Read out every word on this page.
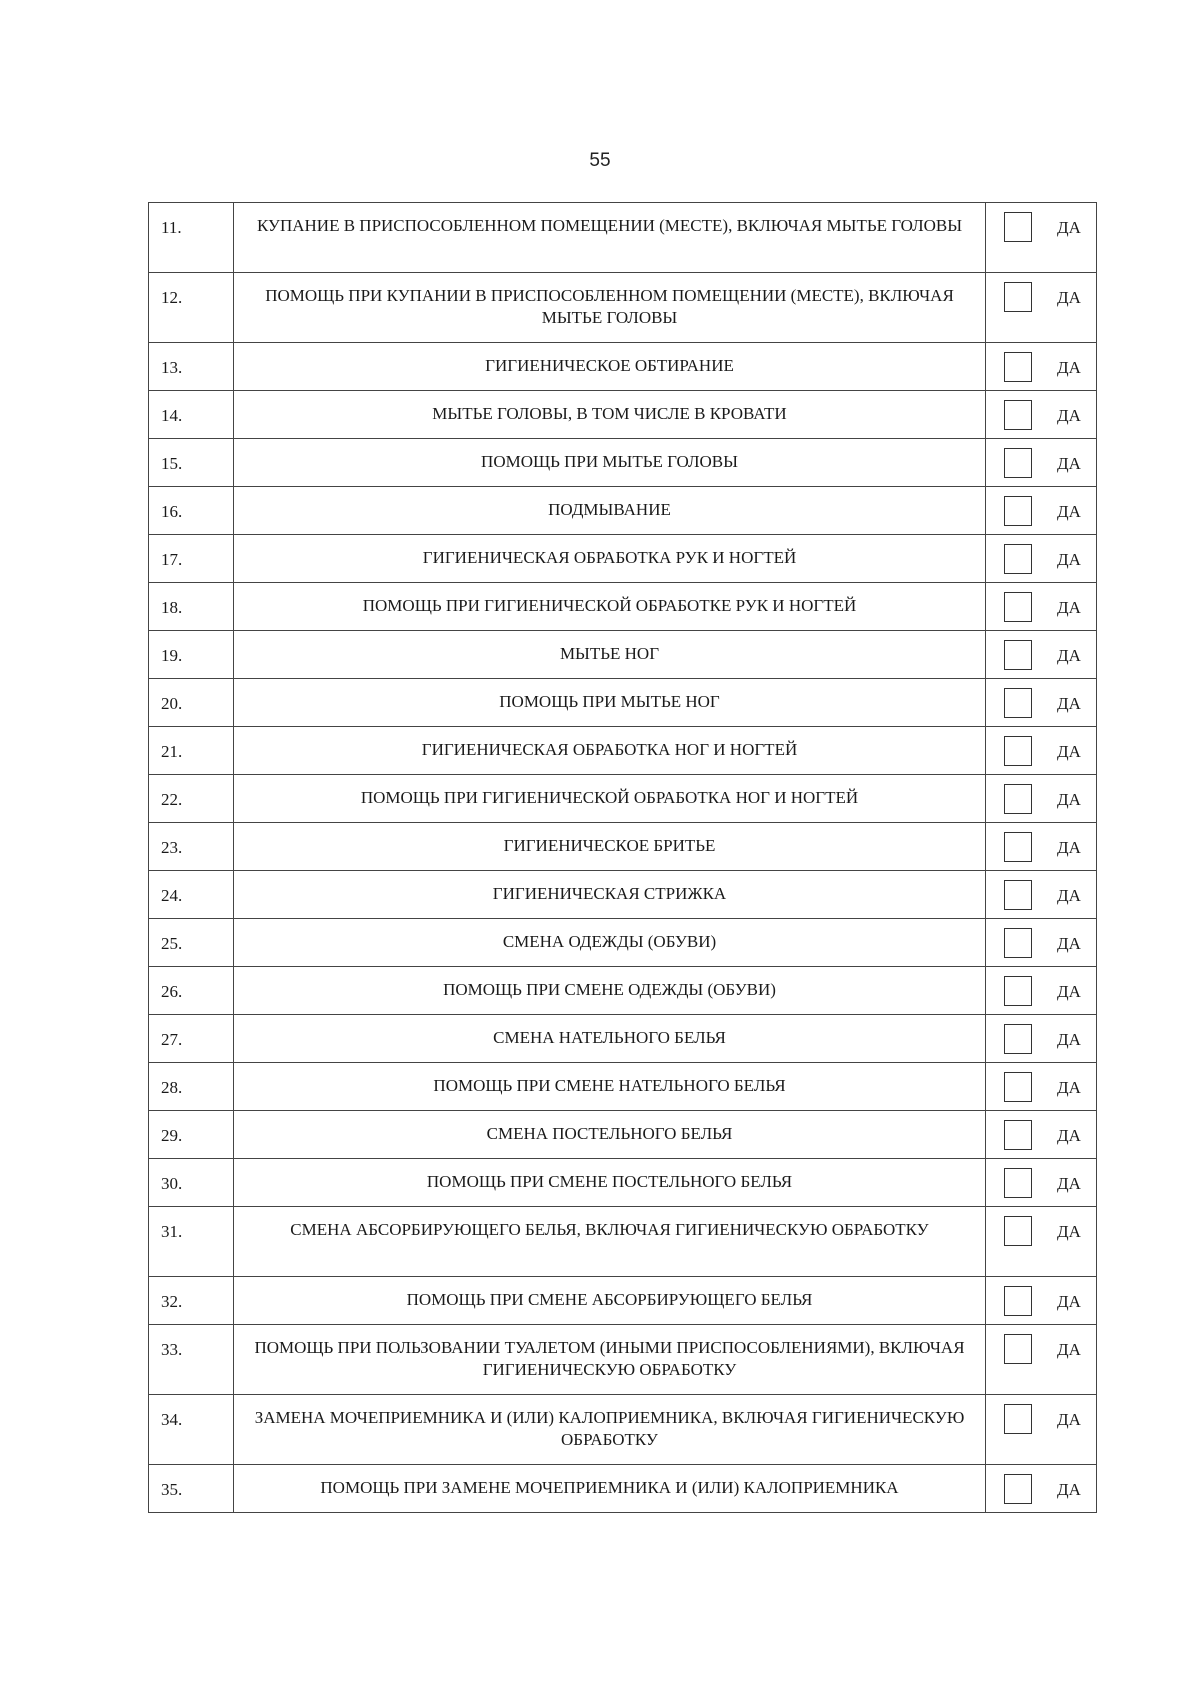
55
11.	КУПАНИЕ В ПРИСПОСОБЛЕННОМ ПОМЕЩЕНИИ (МЕСТЕ), ВКЛЮЧАЯ МЫТЬЕ ГОЛОВЫ	ДА

12.	ПОМОЩЬ ПРИ КУПАНИИ В ПРИСПОСОБЛЕННОМ ПОМЕЩЕНИИ (МЕСТЕ), ВКЛЮЧАЯ МЫТЬЕ ГОЛОВЫ	ДА

13.	ГИГИЕНИЧЕСКОЕ ОБТИРАНИЕ	ДА

14.	МЫТЬЕ ГОЛОВЫ, В ТОМ ЧИСЛЕ В КРОВАТИ	ДА

15.	ПОМОЩЬ ПРИ МЫТЬЕ ГОЛОВЫ	ДА

16.	ПОДМЫВАНИЕ	ДА

17.	ГИГИЕНИЧЕСКАЯ ОБРАБОТКА РУК И НОГТЕЙ	ДА

18.	ПОМОЩЬ ПРИ ГИГИЕНИЧЕСКОЙ ОБРАБОТКЕ РУК И НОГТЕЙ	ДА

19.	МЫТЬЕ НОГ	ДА

20.	ПОМОЩЬ ПРИ МЫТЬЕ НОГ	ДА

21.	ГИГИЕНИЧЕСКАЯ ОБРАБОТКА НОГ И НОГТЕЙ	ДА

22.	ПОМОЩЬ ПРИ ГИГИЕНИЧЕСКОЙ ОБРАБОТКА НОГ И НОГТЕЙ	ДА

23.	ГИГИЕНИЧЕСКОЕ БРИТЬЕ	ДА

24.	ГИГИЕНИЧЕСКАЯ СТРИЖКА	ДА

25.	СМЕНА ОДЕЖДЫ (ОБУВИ)	ДА

26.	ПОМОЩЬ ПРИ СМЕНЕ ОДЕЖДЫ (ОБУВИ)	ДА

27.	СМЕНА НАТЕЛЬНОГО БЕЛЬЯ	ДА

28.	ПОМОЩЬ ПРИ СМЕНЕ НАТЕЛЬНОГО БЕЛЬЯ	ДА

29.	СМЕНА ПОСТЕЛЬНОГО БЕЛЬЯ	ДА

30.	ПОМОЩЬ ПРИ СМЕНЕ ПОСТЕЛЬНОГО БЕЛЬЯ	ДА

31.	СМЕНА АБСОРБИРУЮЩЕГО БЕЛЬЯ, ВКЛЮЧАЯ ГИГИЕНИЧЕСКУЮ ОБРАБОТКУ	ДА

32.	ПОМОЩЬ ПРИ СМЕНЕ АБСОРБИРУЮЩЕГО БЕЛЬЯ	ДА

33.	ПОМОЩЬ ПРИ ПОЛЬЗОВАНИИ ТУАЛЕТОМ (ИНЫМИ ПРИСПОСОБЛЕНИЯМИ), ВКЛЮЧАЯ ГИГИЕНИЧЕСКУЮ ОБРАБОТКУ	ДА

34.	ЗАМЕНА МОЧЕПРИЕМНИКА И (ИЛИ) КАЛОПРИЕМНИКА, ВКЛЮЧАЯ ГИГИЕНИЧЕСКУЮ ОБРАБОТКУ	ДА

35.	ПОМОЩЬ ПРИ ЗАМЕНЕ МОЧЕПРИЕМНИКА И (ИЛИ) КАЛОПРИЕМНИКА	ДА
